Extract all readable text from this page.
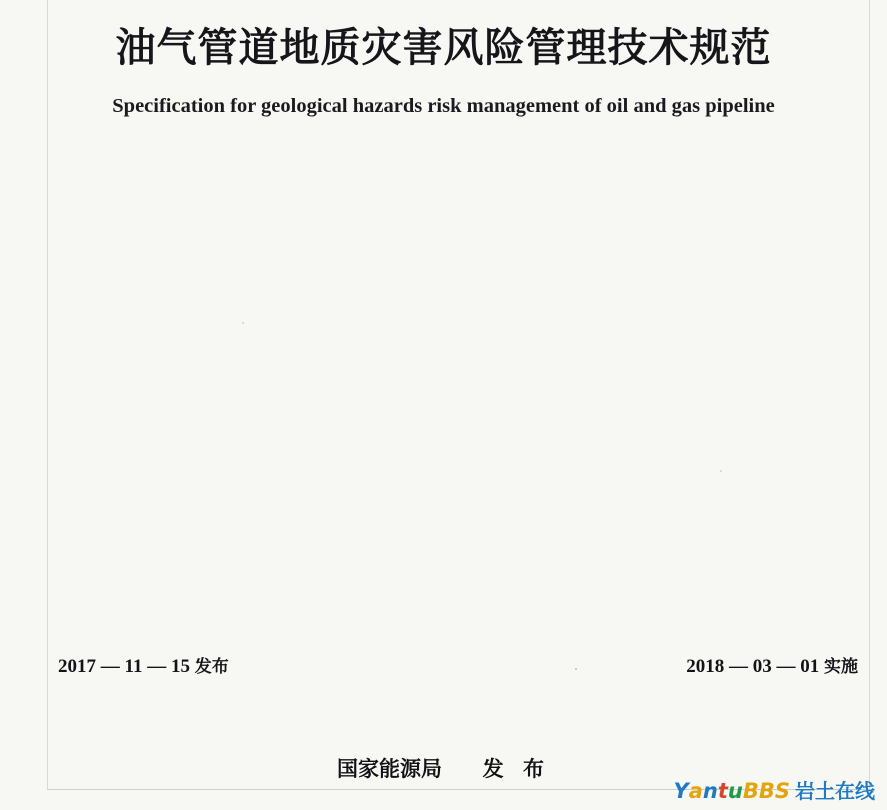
油气管道地质灾害风险管理技术规范
Specification for geological hazards risk management of oil and gas pipeline
2017 — 11 — 15 发布	2018 — 03 — 01 实施
国家能源局 发 布
Y a n t u BBS 岩土在线
